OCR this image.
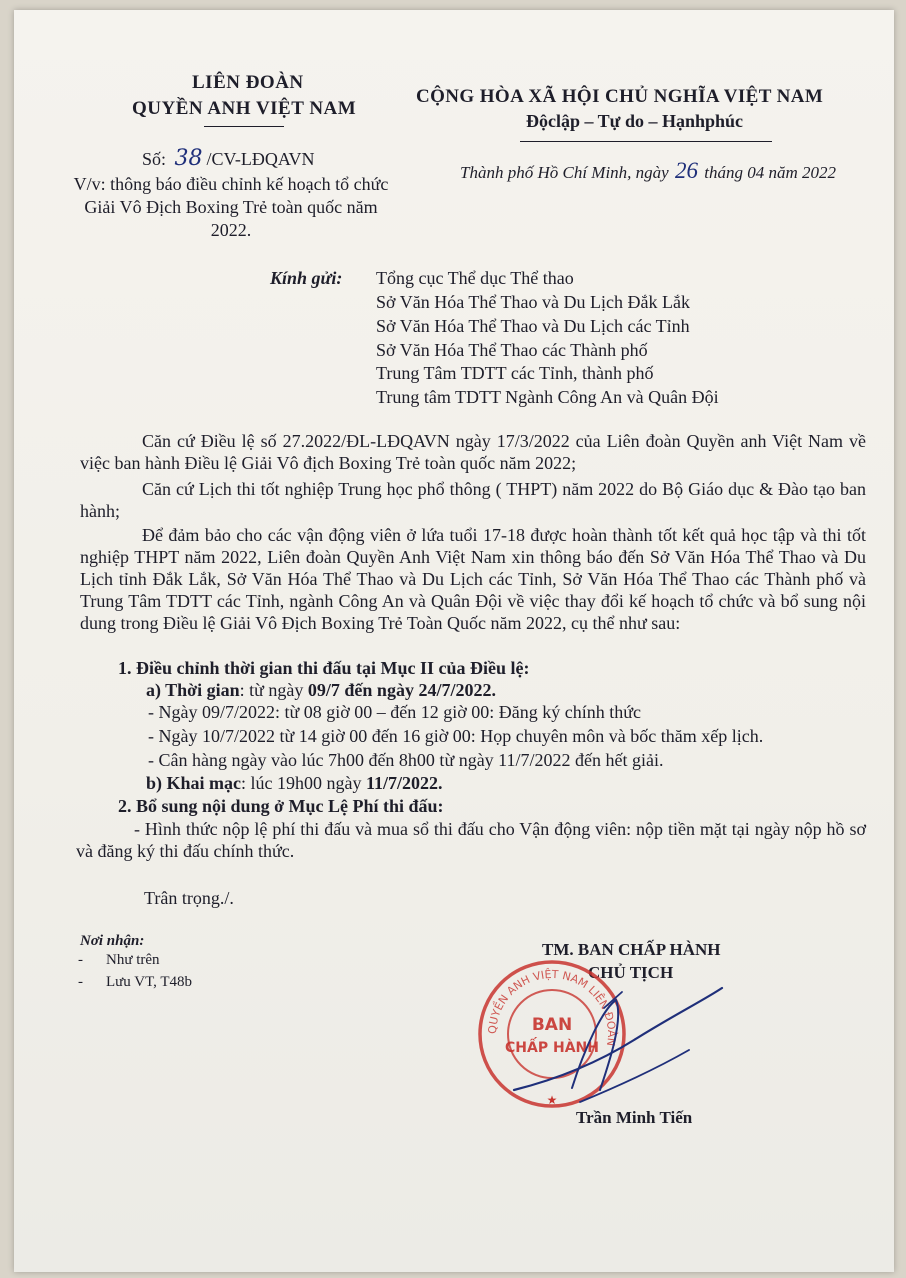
LIÊN ĐOÀN
QUYỀN ANH VIỆT NAM
CỘNG HÒA XÃ HỘI CHỦ NGHĨA VIỆT NAM
Độclập – Tự do – Hạnhphúc
Số: 38 /CV-LĐQAVN
V/v: thông báo điều chỉnh kế hoạch tổ chức Giải Vô Địch Boxing Trẻ toàn quốc năm 2022.
Thành phố Hồ Chí Minh, ngày 26 tháng 04 năm 2022
Kính gửi: Tổng cục Thể dục Thể thao
Sở Văn Hóa Thể Thao và Du Lịch Đắk Lắk
Sở Văn Hóa Thể Thao và Du Lịch các Tỉnh
Sở Văn Hóa Thể Thao các Thành phố
Trung Tâm TDTT các Tỉnh, thành phố
Trung tâm TDTT Ngành Công An và Quân Đội
Căn cứ Điều lệ số 27.2022/ĐL-LĐQAVN ngày 17/3/2022 của Liên đoàn Quyền anh Việt Nam về việc ban hành Điều lệ Giải Vô địch Boxing Trẻ toàn quốc năm 2022;
Căn cứ Lịch thi tốt nghiệp Trung học phổ thông ( THPT) năm 2022 do Bộ Giáo dục & Đào tạo ban hành;
Để đảm bảo cho các vận động viên ở lứa tuổi 17-18 được hoàn thành tốt kết quả học tập và thi tốt nghiệp THPT năm 2022, Liên đoàn Quyền Anh Việt Nam xin thông báo đến Sở Văn Hóa Thể Thao và Du Lịch tỉnh Đắk Lắk, Sở Văn Hóa Thể Thao và Du Lịch các Tỉnh, Sở Văn Hóa Thể Thao các Thành phố và Trung Tâm TDTT các Tỉnh, ngành Công An và Quân Đội về việc thay đổi kế hoạch tổ chức và bổ sung nội dung trong Điều lệ Giải Vô Địch Boxing Trẻ Toàn Quốc năm 2022, cụ thể như sau:
1. Điều chỉnh thời gian thi đấu tại Mục II của Điều lệ:
a) Thời gian: từ ngày 09/7 đến ngày 24/7/2022.
- Ngày 09/7/2022: từ 08 giờ 00 – đến 12 giờ 00: Đăng ký chính thức
- Ngày 10/7/2022 từ 14 giờ 00 đến 16 giờ 00: Họp chuyên môn và bốc thăm xếp lịch.
- Cân hàng ngày vào lúc 7h00 đến 8h00 từ ngày 11/7/2022 đến hết giải.
b) Khai mạc: lúc 19h00 ngày 11/7/2022.
2. Bổ sung nội dung ở Mục Lệ Phí thi đấu:
- Hình thức nộp lệ phí thi đấu và mua sổ thi đấu cho Vận động viên: nộp tiền mặt tại ngày nộp hồ sơ và đăng ký thi đấu chính thức.
Trân trọng./.
Nơi nhận:
- Như trên
- Lưu VT, T48b
TM. BAN CHẤP HÀNH
CHỦ TỊCH
QUYỀN ANH VIỆT NAM LIÊN ĐOÀN
BAN
CHẤP HÀNH
★
Trần Minh Tiến
